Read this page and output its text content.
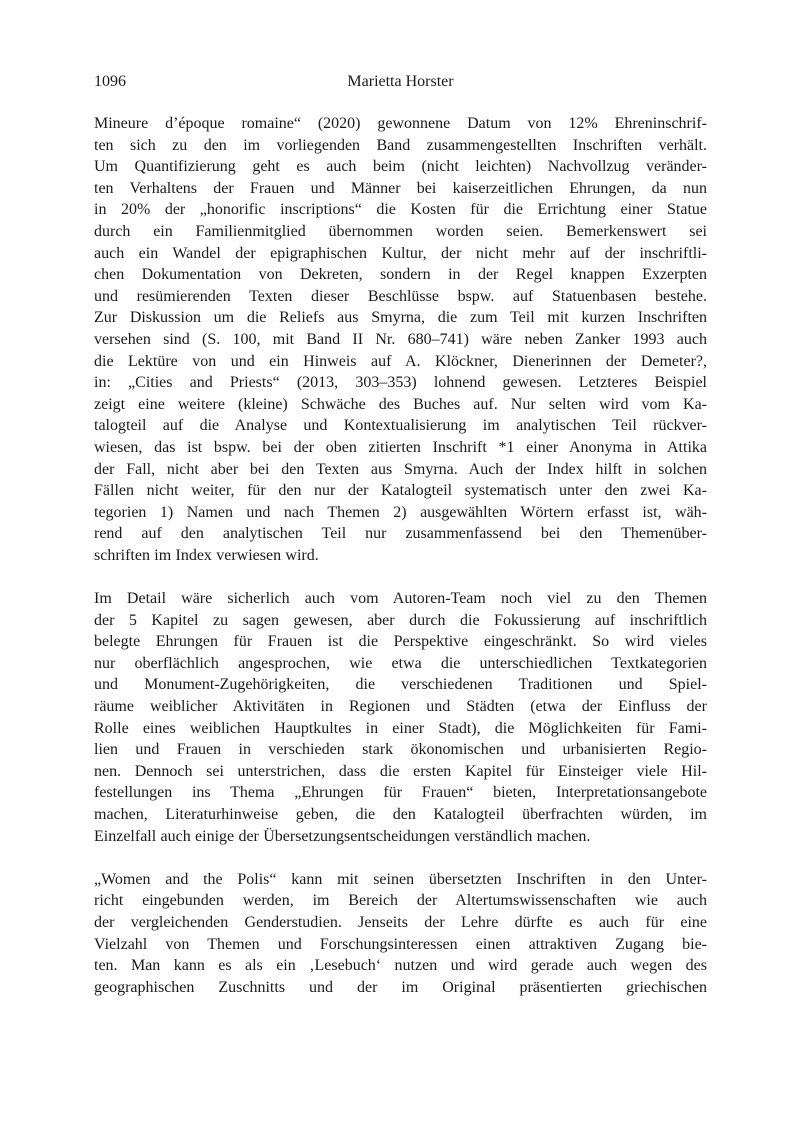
1096	Marietta Horster
Mineure d’époque romaine“ (2020) gewonnene Datum von 12% Ehreninschrif-
ten sich zu den im vorliegenden Band zusammengestellten Inschriften verhält.
Um Quantifizierung geht es auch beim (nicht leichten) Nachvollzug veränder-
ten Verhaltens der Frauen und Männer bei kaiserzeitlichen Ehrungen, da nun
in 20% der „honorific inscriptions“ die Kosten für die Errichtung einer Statue
durch ein Familienmitglied übernommen worden seien. Bemerkenswert sei
auch ein Wandel der epigraphischen Kultur, der nicht mehr auf der inschriftli-
chen Dokumentation von Dekreten, sondern in der Regel knappen Exzerpten
und resümierenden Texten dieser Beschlüsse bspw. auf Statuenbasen bestehe.
Zur Diskussion um die Reliefs aus Smyrna, die zum Teil mit kurzen Inschriften
versehen sind (S. 100, mit Band II Nr. 680–741) wäre neben Zanker 1993 auch
die Lektüre von und ein Hinweis auf A. Klöckner, Dienerinnen der Demeter?,
in: „Cities and Priests“ (2013, 303–353) lohnend gewesen. Letzteres Beispiel
zeigt eine weitere (kleine) Schwäche des Buches auf. Nur selten wird vom Ka-
talogteil auf die Analyse und Kontextualisierung im analytischen Teil rückver-
wiesen, das ist bspw. bei der oben zitierten Inschrift *1 einer Anonyma in Attika
der Fall, nicht aber bei den Texten aus Smyrna. Auch der Index hilft in solchen
Fällen nicht weiter, für den nur der Katalogteil systematisch unter den zwei Ka-
tegorien 1) Namen und nach Themen 2) ausgewählten Wörtern erfasst ist, wäh-
rend auf den analytischen Teil nur zusammenfassend bei den Themenüber-
schriften im Index verwiesen wird.
Im Detail wäre sicherlich auch vom Autoren-Team noch viel zu den Themen
der 5 Kapitel zu sagen gewesen, aber durch die Fokussierung auf inschriftlich
belegte Ehrungen für Frauen ist die Perspektive eingeschränkt. So wird vieles
nur oberflächlich angesprochen, wie etwa die unterschiedlichen Textkategorien
und Monument-Zugehörigkeiten, die verschiedenen Traditionen und Spiel-
räume weiblicher Aktivitäten in Regionen und Städten (etwa der Einfluss der
Rolle eines weiblichen Hauptkultes in einer Stadt), die Möglichkeiten für Fami-
lien und Frauen in verschieden stark ökonomischen und urbanisierten Regio-
nen. Dennoch sei unterstrichen, dass die ersten Kapitel für Einsteiger viele Hil-
festellungen ins Thema „Ehrungen für Frauen“ bieten, Interpretationsangebote
machen, Literaturhinweise geben, die den Katalogteil überfrachten würden, im
Einzelfall auch einige der Übersetzungsentscheidungen verständlich machen.
„Women and the Polis“ kann mit seinen übersetzten Inschriften in den Unter-
richt eingebunden werden, im Bereich der Altertumswissenschaften wie auch
der vergleichenden Genderstudien. Jenseits der Lehre dürfte es auch für eine
Vielzahl von Themen und Forschungsinteressen einen attraktiven Zugang bie-
ten. Man kann es als ein ‚Lesebuch‘ nutzen und wird gerade auch wegen des
geographischen Zuschnitts und der im Original präsentierten griechischen
